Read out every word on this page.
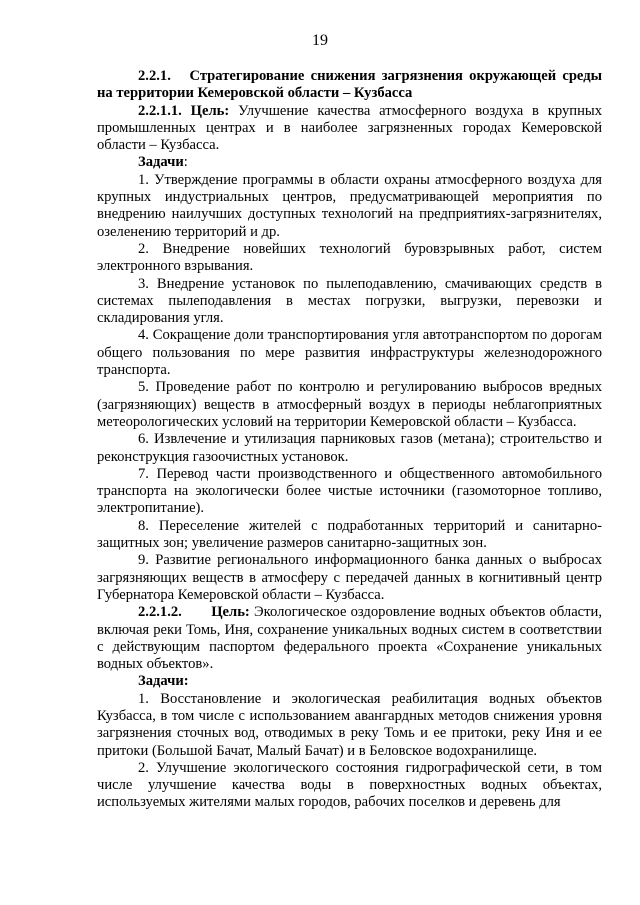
19

2.2.1. Стратегирование снижения загрязнения окружающей среды на территории Кемеровской области – Кузбасса

2.2.1.1. Цель: Улучшение качества атмосферного воздуха в крупных промышленных центрах и в наиболее загрязненных городах Кемеровской области – Кузбасса.

Задачи:

1. Утверждение программы в области охраны атмосферного воздуха для крупных индустриальных центров, предусматривающей мероприятия по внедрению наилучших доступных технологий на предприятиях-загрязнителях, озеленению территорий и др.

2. Внедрение новейших технологий буровзрывных работ, систем электронного взрывания.

3. Внедрение установок по пылеподавлению, смачивающих средств в системах пылеподавления в местах погрузки, выгрузки, перевозки и складирования угля.

4. Сокращение доли транспортирования угля автотранспортом по дорогам общего пользования по мере развития инфраструктуры железнодорожного транспорта.

5. Проведение работ по контролю и регулированию выбросов вредных (загрязняющих) веществ в атмосферный воздух в периоды неблагоприятных метеорологических условий на территории Кемеровской области – Кузбасса.

6. Извлечение и утилизация парниковых газов (метана); строительство и реконструкция газоочистных установок.

7. Перевод части производственного и общественного автомобильного транспорта на экологически более чистые источники (газомоторное топливо, электропитание).

8. Переселение жителей с подработанных территорий и санитарно-защитных зон; увеличение размеров санитарно-защитных зон.

9. Развитие регионального информационного банка данных о выбросах загрязняющих веществ в атмосферу с передачей данных в когнитивный центр Губернатора Кемеровской области – Кузбасса.

2.2.1.2. Цель: Экологическое оздоровление водных объектов области, включая реки Томь, Иня, сохранение уникальных водных систем в соответствии с действующим паспортом федерального проекта «Сохранение уникальных водных объектов».

Задачи:

1. Восстановление и экологическая реабилитация водных объектов Кузбасса, в том числе с использованием авангардных методов снижения уровня загрязнения сточных вод, отводимых в реку Томь и ее притоки, реку Иня и ее притоки (Большой Бачат, Малый Бачат) и в Беловское водохранилище.

2. Улучшение экологического состояния гидрографической сети, в том числе улучшение качества воды в поверхностных водных объектах, используемых жителями малых городов, рабочих поселков и деревень для
